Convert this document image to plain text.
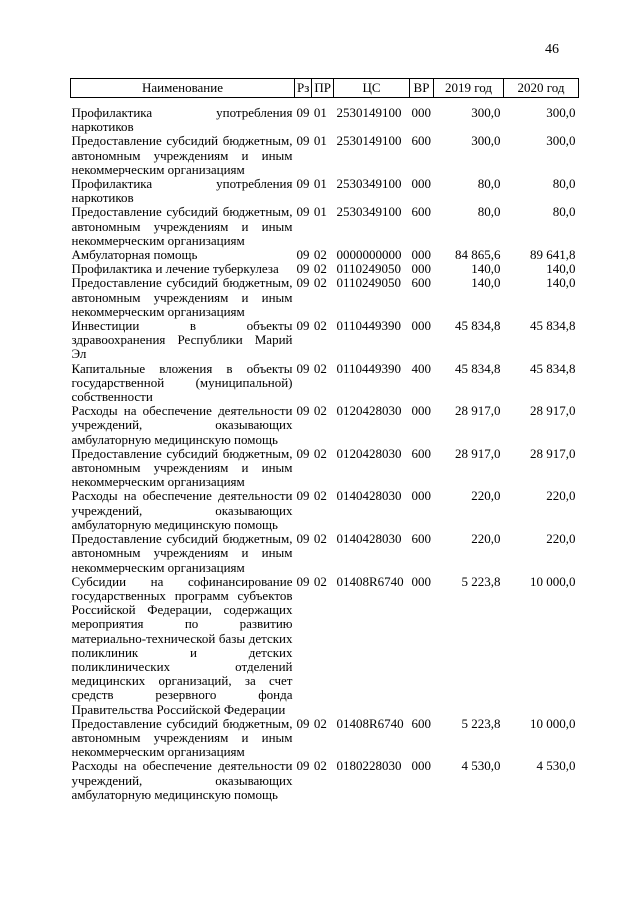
46
Наименование	Рз	ПР	ЦС	ВР	2019 год	2020 год
Профилактика употребления наркотиков	09	01	2530149100	000	300,0	300,0
Предоставление субсидий бюджетным, автономным учреждениям и иным некоммерческим организациям	09	01	2530149100	600	300,0	300,0
Профилактика употребления наркотиков	09	01	2530349100	000	80,0	80,0
Предоставление субсидий бюджетным, автономным учреждениям и иным некоммерческим организациям	09	01	2530349100	600	80,0	80,0
Амбулаторная помощь	09	02	0000000000	000	84 865,6	89 641,8
Профилактика и лечение туберкулеза	09	02	0110249050	000	140,0	140,0
Предоставление субсидий бюджетным, автономным учреждениям и иным некоммерческим организациям	09	02	0110249050	600	140,0	140,0
Инвестиции в объекты здравоохранения Республики Марий Эл	09	02	0110449390	000	45 834,8	45 834,8
Капитальные вложения в объекты государственной (муниципальной) собственности	09	02	0110449390	400	45 834,8	45 834,8
Расходы на обеспечение деятельности учреждений, оказывающих амбулаторную медицинскую помощь	09	02	0120428030	000	28 917,0	28 917,0
Предоставление субсидий бюджетным, автономным учреждениям и иным некоммерческим организациям	09	02	0120428030	600	28 917,0	28 917,0
Расходы на обеспечение деятельности учреждений, оказывающих амбулаторную медицинскую помощь	09	02	0140428030	000	220,0	220,0
Предоставление субсидий бюджетным, автономным учреждениям и иным некоммерческим организациям	09	02	0140428030	600	220,0	220,0
Субсидии на софинансирование государственных программ субъектов Российской Федерации, содержащих мероприятия по развитию материально-технической базы детских поликлиник и детских поликлинических отделений медицинских организаций, за счет средств резервного фонда Правительства Российской Федерации	09	02	01408R6740	000	5 223,8	10 000,0
Предоставление субсидий бюджетным, автономным учреждениям и иным некоммерческим организациям	09	02	01408R6740	600	5 223,8	10 000,0
Расходы на обеспечение деятельности учреждений, оказывающих амбулаторную медицинскую помощь	09	02	0180228030	000	4 530,0	4 530,0
